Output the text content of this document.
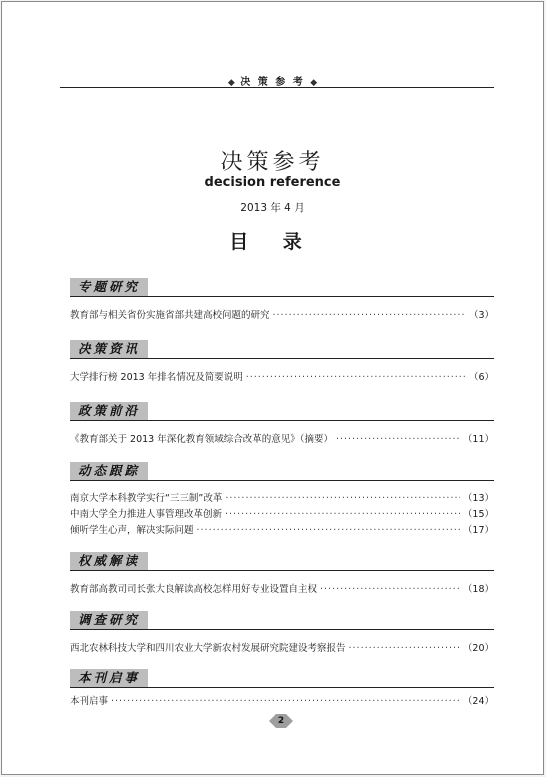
◆ 决 策 参 考 ◆
决策参考
decision reference
2013 年 4 月
目 录
专题研究
教育部与相关省份实施省部共建高校问题的研究 ·····	（3）
决策资讯
大学排行榜 2013 年排名情况及简要说明 ·····	（6）
政策前沿
《教育部关于 2013 年深化教育领域综合改革的意见》（摘要） ·····	（11）
动态跟踪
南京大学本科教学实行“三三制”改革 ·····	（13）
中南大学全力推进人事管理改革创新 ·····	（15）
倾听学生心声，解决实际问题 ·····	（17）
权威解读
教育部高教司司长张大良解读高校怎样用好专业设置自主权 ·····	（18）
调查研究
西北农林科技大学和四川农业大学新农村发展研究院建设考察报告 ·····	（20）
本刊启事
本刊启事 ·····	（24）
2
